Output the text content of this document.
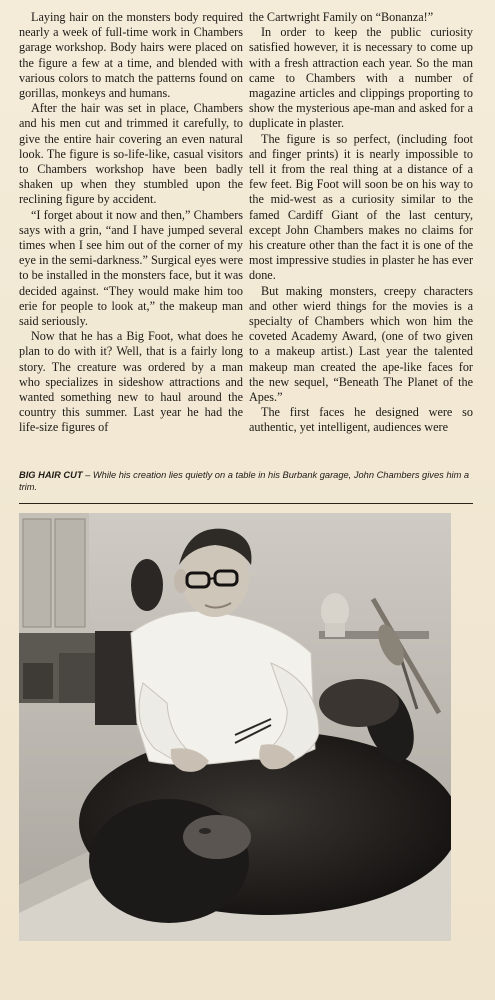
Laying hair on the monsters body required nearly a week of full-time work in Chambers garage workshop. Body hairs were placed on the figure a few at a time, and blended with various colors to match the patterns found on gorillas, monkeys and humans.

After the hair was set in place, Chambers and his men cut and trimmed it carefully, to give the entire hair covering an even natural look. The figure is so-life-like, casual visitors to Chambers workshop have been badly shaken up when they stumbled upon the reclining figure by accident.

“I forget about it now and then,” Chambers says with a grin, “and I have jumped several times when I see him out of the corner of my eye in the semi-darkness.” Surgical eyes were to be installed in the monsters face, but it was decided against. “They would make him too erie for people to look at,” the makeup man said seriously.

Now that he has a Big Foot, what does he plan to do with it? Well, that is a fairly long story. The creature was ordered by a man who specializes in sideshow attractions and wanted something new to haul around the country this summer. Last year he had the life-size figures of

the Cartwright Family on “Bonanza!”

In order to keep the public curiosity satisfied however, it is necessary to come up with a fresh attraction each year. So the man came to Chambers with a number of magazine articles and clippings proporting to show the mysterious ape-man and asked for a duplicate in plaster.

The figure is so perfect, (including foot and finger prints) it is nearly impossible to tell it from the real thing at a distance of a few feet. Big Foot will soon be on his way to the mid-west as a curiosity similar to the famed Cardiff Giant of the last century, except John Chambers makes no claims for his creature other than the fact it is one of the most impressive studies in plaster he has ever done.

But making monsters, creepy characters and other wierd things for the movies is a specialty of Chambers which won him the coveted Academy Award, (one of two given to a makeup artist.) Last year the talented makeup man created the ape-like faces for the new sequel, “Beneath The Planet of the Apes.”

The first faces he designed were so authentic, yet intelligent, audiences were

BIG HAIR CUT – While his creation lies quietly on a table in his Burbank garage, John Chambers gives him a trim.
